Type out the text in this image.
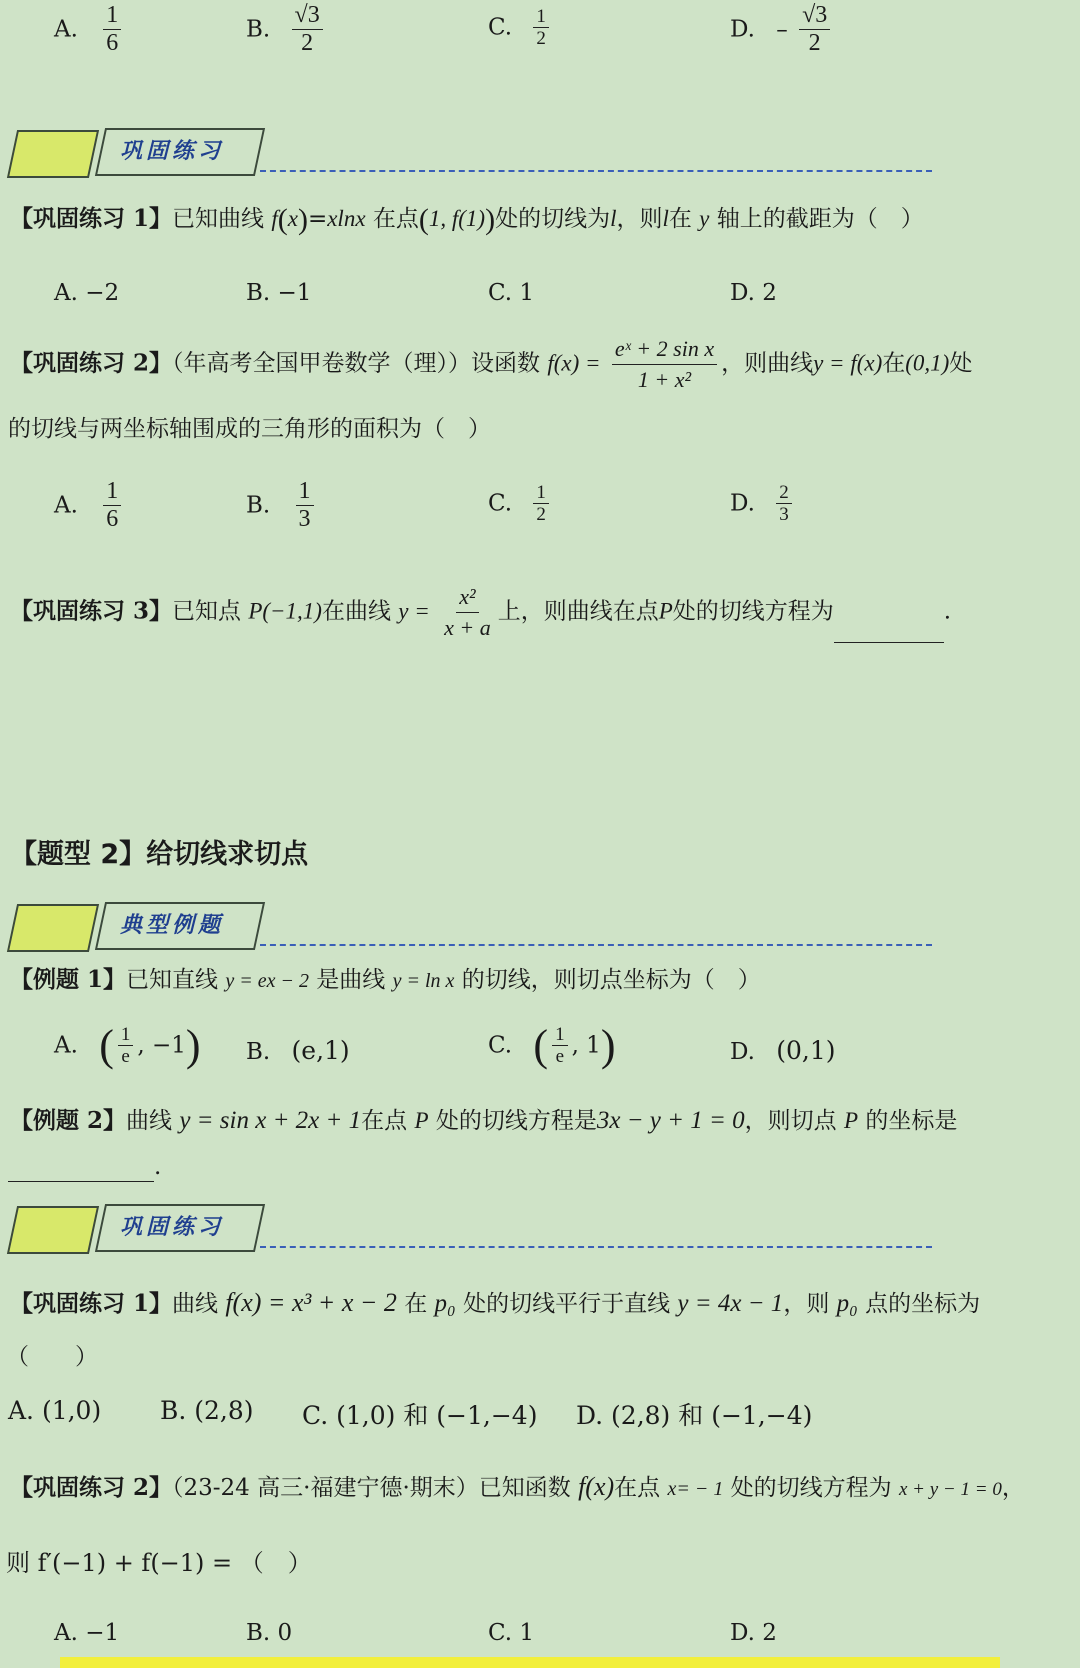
A. $\frac{1}{6}$	B. $\frac{√3}{2}$	C. $\frac{1}{2}$	D. – $\frac{√3}{2}$
巩固练习
【巩固练习 1】已知曲线 f(x)=xlnx 在点(1, f(1))处的切线为l，则l在 y 轴上的截距为（　）
A. −2	B. −1	C. 1	D. 2
【巩固练习 2】（年高考全国甲卷数学（理））设函数 $f(x) = \frac{\text{eˣ + 2 sin x}}{\text{1 + x²}}$ ，则曲线y = f(x)在(0,1)处
的切线与两坐标轴围成的三角形的面积为（　）
A. $\frac{1}{6}$	B. $\frac{1}{3}$	C. $\frac{1}{2}$	D. $\frac{2}{3}$
【巩固练习 3】已知点 P(−1,1)在曲线 $y = \frac{\text{x²}}{x + a}$ 上，则曲线在点P处的切线方程为	.
【题型 2】给切线求切点
典型例题
【例题 1】已知直线 y = ex − 2 是曲线 y = ln x 的切线，则切点坐标为（　）
A. ( $\frac{1}{e}$ , −1) B. (e,1)	C. ( $\frac{1}{e}$ , 1)	D. (0,1)
【例题 2】曲线 y = sin x + 2x + 1在点 P 处的切线方程是3x − y + 1 = 0，则切点 P 的坐标是
.
巩固练习
【巩固练习 1】曲线 f(x) = x³ + x − 2 在 p₀ 处的切线平行于直线 y = 4x − 1，则 p₀ 点的坐标为
（　　）
A. (1,0) B. (2,8) C. (1,0) 和 (−1,−4) D. (2,8) 和 (−1,−4)
【巩固练习 2】（23-24 高三·福建宁德·期末）已知函数 f(x)在点 x= − 1 处的切线方程为 x + y − 1 = 0，
则 f′(−1) + f(−1) = （　）
A. −1	B. 0	C. 1	D. 2
